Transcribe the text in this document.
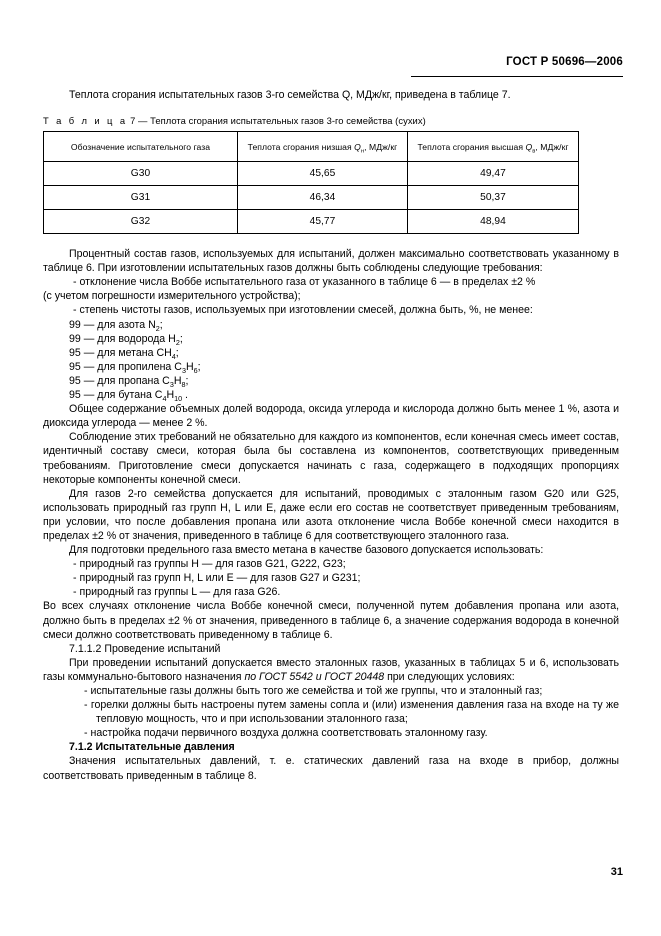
ГОСТ Р 50696—2006

Теплота сгорания испытательных газов 3-го семейства Q, МДж/кг, приведена в таблице 7.

Т а б л и ц а 7 — Теплота сгорания испытательных газов 3-го семейства (сухих)
Обозначение испытательного газа	Теплота сгорания низшая $Q_н$, МДж/кг	Теплота сгорания высшая $Q_в$, МДж/кг
G30	45,65	49,47
G31	46,34	50,37
G32	45,77	48,94

Процентный состав газов, используемых для испытаний, должен максимально соответствовать указанному в таблице 6. При изготовлении испытательных газов должны быть соблюдены следующие требования:

- отклонение числа Воббе испытательного газа от указанного в таблице 6 — в пределах ±2 %

(с учетом погрешности измерительного устройства);

- степень чистоты газов, используемых при изготовлении смесей, должна быть, %, не менее:

99 — для азота $N_2$;

99 — для водорода $H_2$;

95 — для метана $CH_4$;

95 — для пропилена $C_3H_6$;

95 — для пропана $C_3H_8$;

95 — для бутана $C_4H_{10}$ .

Общее содержание объемных долей водорода, оксида углерода и кислорода должно быть менее 1 %, азота и диоксида углерода — менее 2 %.

Соблюдение этих требований не обязательно для каждого из компонентов, если конечная смесь имеет состав, идентичный составу смеси, которая была бы составлена из компонентов, соответствующих приведенным требованиям. Приготовление смеси допускается начинать с газа, содержащего в подходящих пропорциях некоторые компоненты конечной смеси.

Для газов 2-го семейства допускается для испытаний, проводимых с эталонным газом G20 или G25, использовать природный газ групп H, L или E, даже если его состав не соответствует приведенным требованиям, при условии, что после добавления пропана или азота отклонение числа Воббе конечной смеси находится в пределах ±2 % от значения, приведенного в таблице 6 для соответствующего эталонного газа.

Для подготовки предельного газа вместо метана в качестве базового допускается использовать:

- природный газ группы H — для газов G21, G222, G23;

- природный газ групп H, L или E — для газов G27 и G231;

- природный газ группы L — для газа G26.

Во всех случаях отклонение числа Воббе конечной смеси, полученной путем добавления пропана или азота, должно быть в пределах ±2 % от значения, приведенного в таблице 6, а значение содержания водорода в конечной смеси должно соответствовать приведенному в таблице 6.

7.1.1.2 Проведение испытаний

При проведении испытаний допускается вместо эталонных газов, указанных в таблицах 5 и 6, использовать газы коммунально-бытового назначения по ГОСТ 5542 и ГОСТ 20448 при следующих условиях:

- испытательные газы должны быть того же семейства и той же группы, что и эталонный газ;

- горелки должны быть настроены путем замены сопла и (или) изменения давления газа на входе на ту же тепловую мощность, что и при использовании эталонного газа;

- настройка подачи первичного воздуха должна соответствовать эталонному газу.

7.1.2 Испытательные давления

Значения испытательных давлений, т. е. статических давлений газа на входе в прибор, должны соответствовать приведенным в таблице 8.

31
